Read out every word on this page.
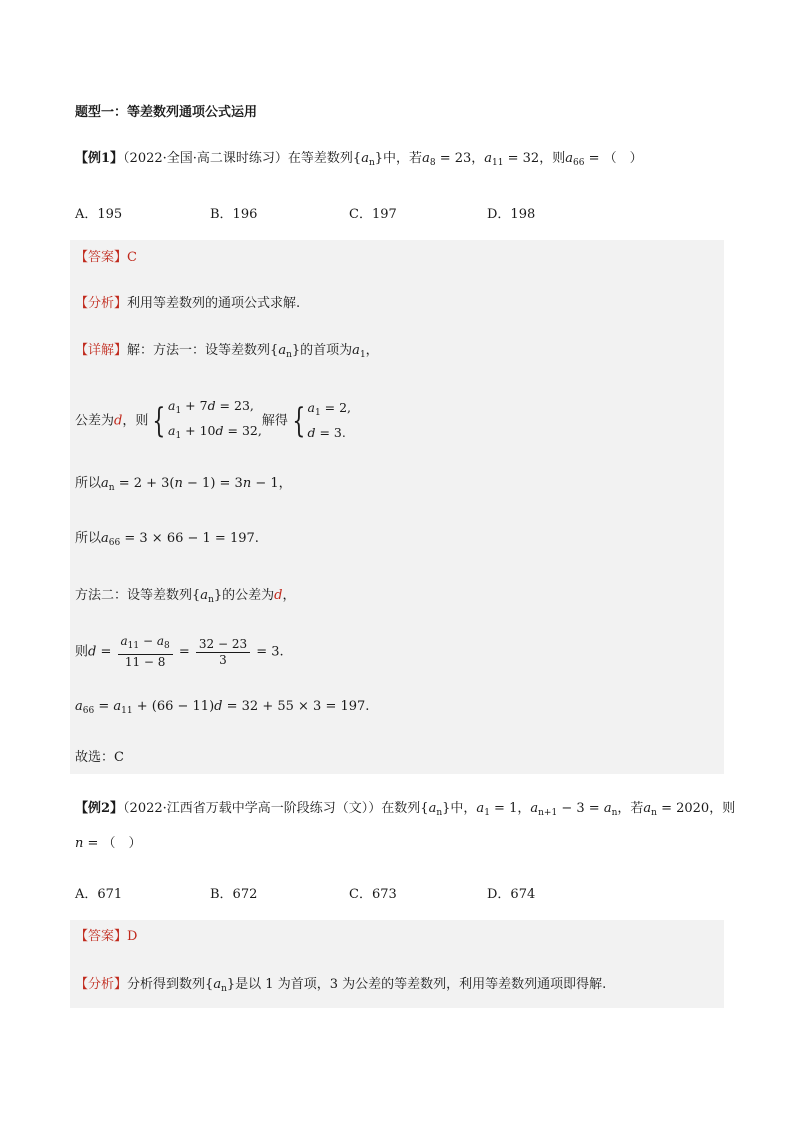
题型一：等差数列通项公式运用
【例1】（2022·全国·高二课时练习）在等差数列$\{a_n\}$中，若$a_8 = 23$，$a_{11} = 32$，则$a_{66}$ = （　）
A．195	B．196	C．197	D．198
【答案】C
【分析】利用等差数列的通项公式求解.
【详解】解：方法一：设等差数列$\{a_n\}$的首项为$a_1$，
公差为d，则 { $a_1 + 7d = 23$,
$a_1 + 10d = 32$,
解得 { $a_1 = 2$,
d = 3.
所以$a_n = 2 + 3(n - 1) = 3n - 1$，
所以$a_{66} = 3 \times 66 - 1 = 197$.
方法二：设等差数列$\{a_n\}$的公差为d，
则$d = \frac{a_{11} - a_8}{11 - 8} = \frac{32 - 23}{3} = 3$.
$a_{66} = a_{11} + (66 - 11)d = 32 + 55 \times 3 = 197$.
故选：C
【例2】（2022·江西省万载中学高一阶段练习（文））在数列$\{a_n\}$中，$a_1 = 1$，$a_{n+1} - 3 = a_n$，若$a_n = 2020$，则
n = （　）
A．671	B．672	C．673	D．674
【答案】D
【分析】分析得到数列$\{a_n\}$是以 1 为首项，3 为公差的等差数列，利用等差数列通项即得解.
